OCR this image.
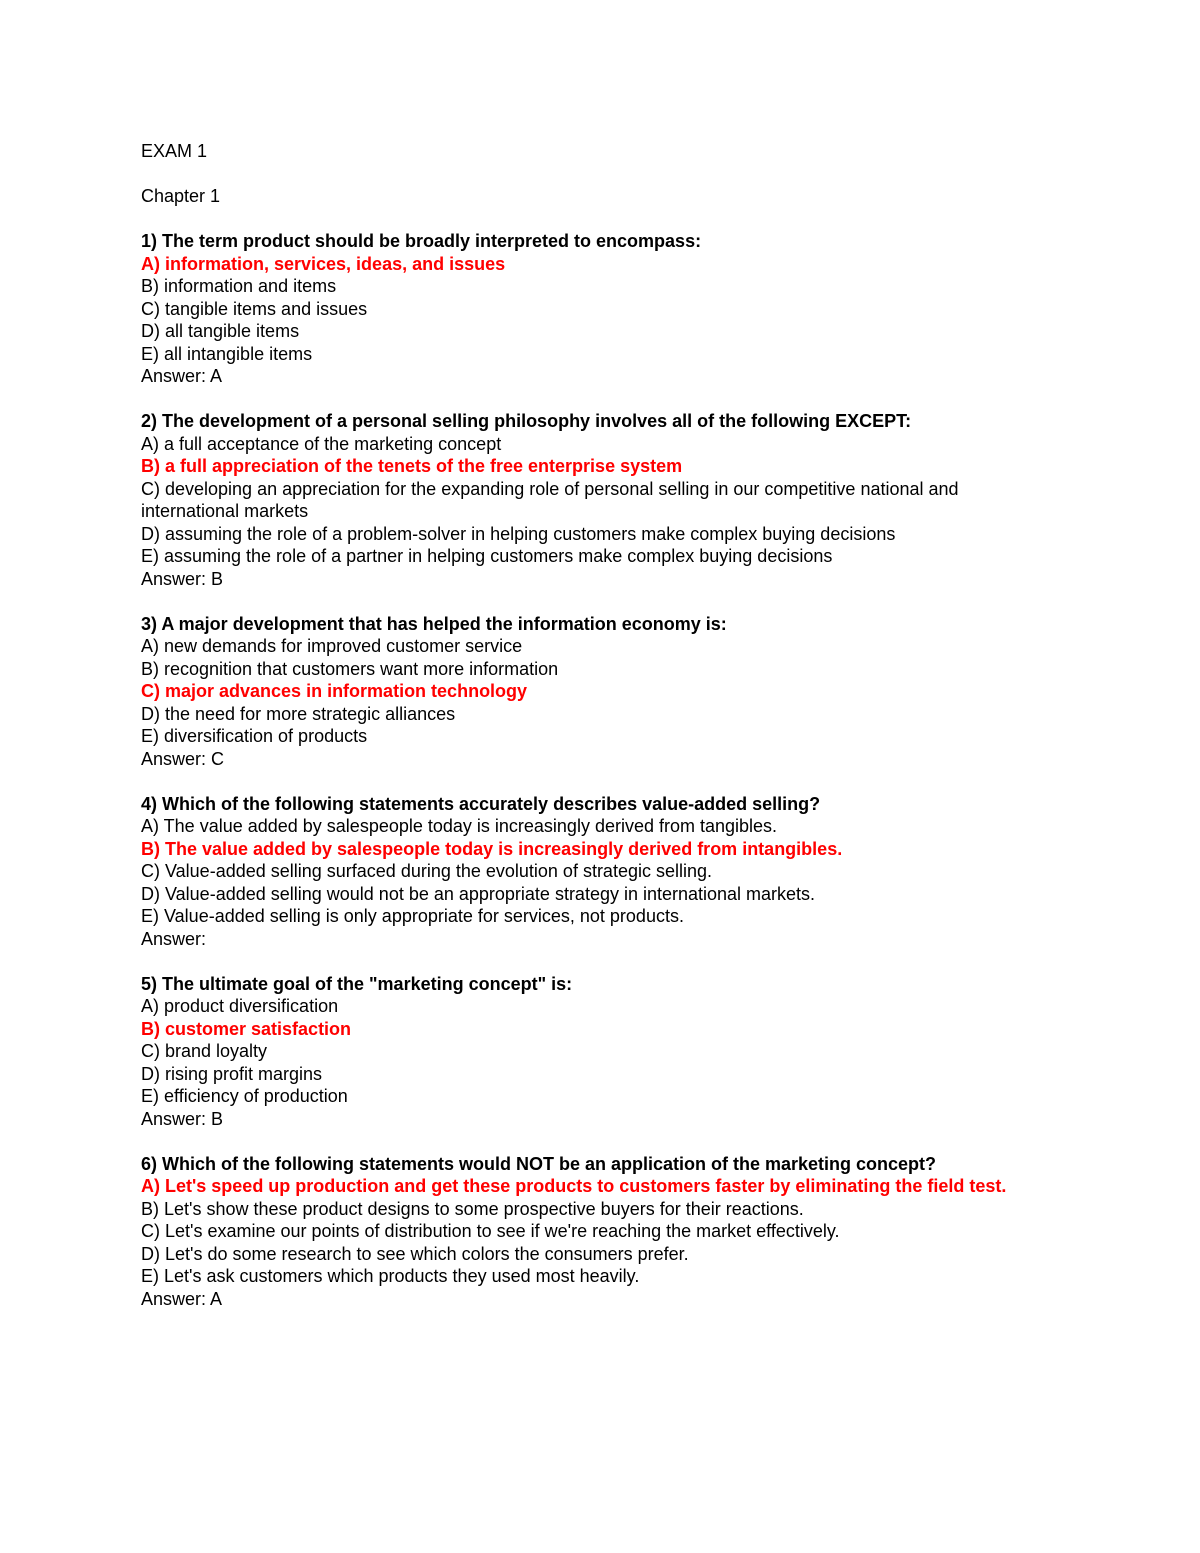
EXAM 1
Chapter 1
1) The term product should be broadly interpreted to encompass:
A) information, services, ideas, and issues
B) information and items
C) tangible items and issues
D) all tangible items
E) all intangible items
Answer: A
2) The development of a personal selling philosophy involves all of the following EXCEPT:
A) a full acceptance of the marketing concept
B) a full appreciation of the tenets of the free enterprise system
C) developing an appreciation for the expanding role of personal selling in our competitive national and international markets
D) assuming the role of a problem-solver in helping customers make complex buying decisions
E) assuming the role of a partner in helping customers make complex buying decisions
Answer: B
3) A major development that has helped the information economy is:
A) new demands for improved customer service
B) recognition that customers want more information
C) major advances in information technology
D) the need for more strategic alliances
E) diversification of products
Answer: C
4) Which of the following statements accurately describes value-added selling?
A) The value added by salespeople today is increasingly derived from tangibles.
B) The value added by salespeople today is increasingly derived from intangibles.
C) Value-added selling surfaced during the evolution of strategic selling.
D) Value-added selling would not be an appropriate strategy in international markets.
E) Value-added selling is only appropriate for services, not products.
Answer:
5) The ultimate goal of the "marketing concept" is:
A) product diversification
B) customer satisfaction
C) brand loyalty
D) rising profit margins
E) efficiency of production
Answer: B
6) Which of the following statements would NOT be an application of the marketing concept?
A) Let's speed up production and get these products to customers faster by eliminating the field test.
B) Let's show these product designs to some prospective buyers for their reactions.
C) Let's examine our points of distribution to see if we're reaching the market effectively.
D) Let's do some research to see which colors the consumers prefer.
E) Let's ask customers which products they used most heavily.
Answer: A
